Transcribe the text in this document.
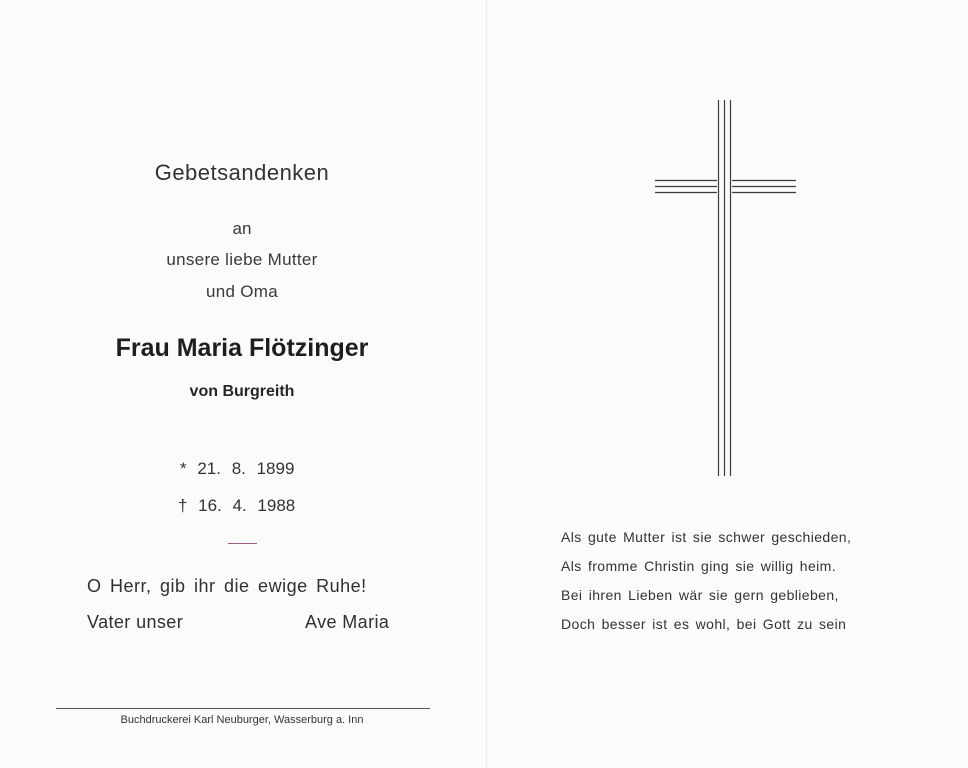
Gebetsandenken
an
unsere liebe Mutter
und Oma
Frau Maria Flötzinger
von Burgreith
* 21. 8. 1899
† 16. 4. 1988
O Herr, gib ihr die ewige Ruhe!
Vater unser	Ave Maria
Buchdruckerei Karl Neuburger, Wasserburg a. Inn
Als gute Mutter ist sie schwer geschieden,
Als fromme Christin ging sie willig heim.
Bei ihren Lieben wär sie gern geblieben,
Doch besser ist es wohl, bei Gott zu sein
